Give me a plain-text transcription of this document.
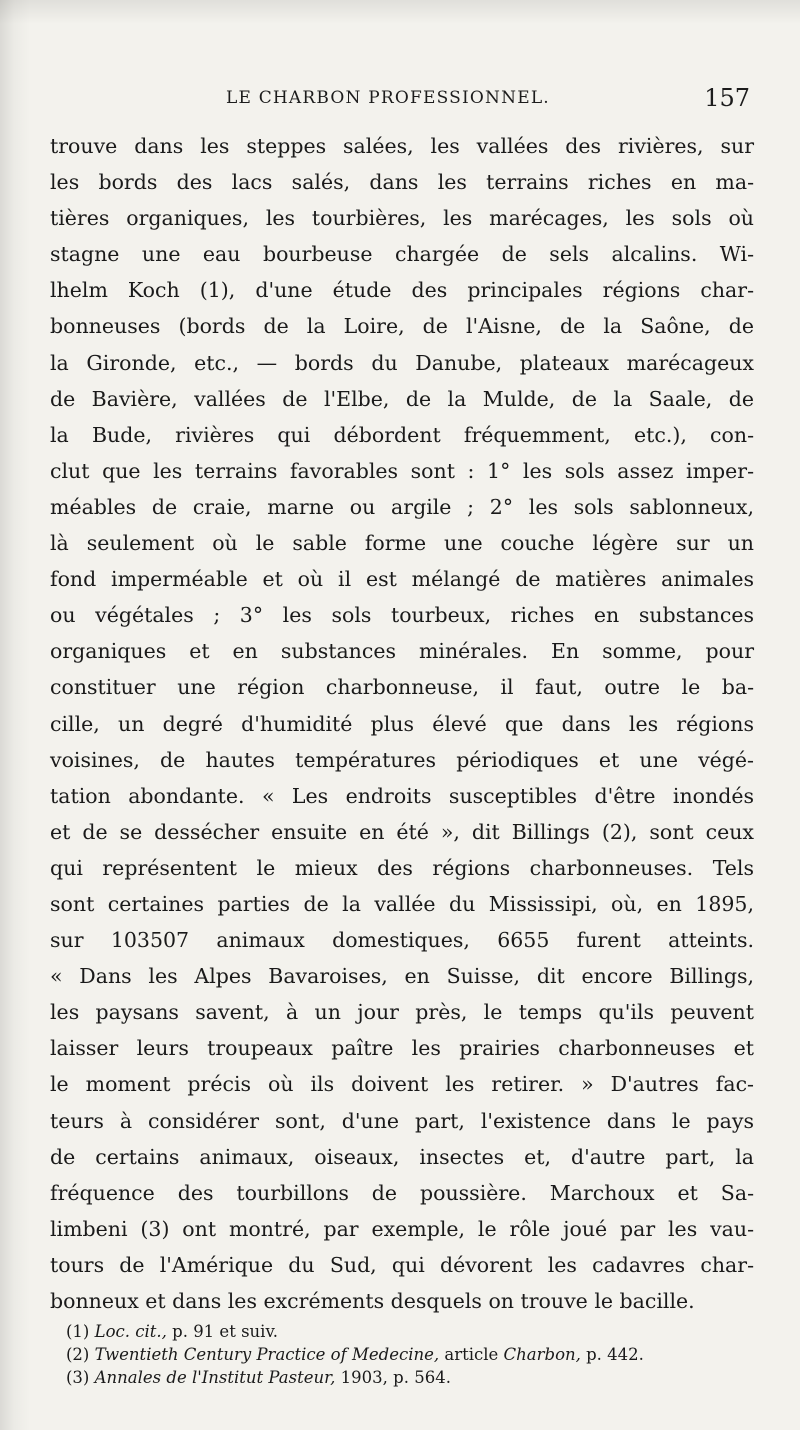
LE CHARBON PROFESSIONNEL.	157
trouve dans les steppes salées, les vallées des rivières, sur
les bords des lacs salés, dans les terrains riches en ma-
tières organiques, les tourbières, les marécages, les sols où
stagne une eau bourbeuse chargée de sels alcalins. Wi-
lhelm Koch (1), d'une étude des principales régions char-
bonneuses (bords de la Loire, de l'Aisne, de la Saône, de
la Gironde, etc., — bords du Danube, plateaux marécageux
de Bavière, vallées de l'Elbe, de la Mulde, de la Saale, de
la Bude, rivières qui débordent fréquemment, etc.), con-
clut que les terrains favorables sont : 1° les sols assez imper-
méables de craie, marne ou argile ; 2° les sols sablonneux,
là seulement où le sable forme une couche légère sur un
fond imperméable et où il est mélangé de matières animales
ou végétales ; 3° les sols tourbeux, riches en substances
organiques et en substances minérales. En somme, pour
constituer une région charbonneuse, il faut, outre le ba-
cille, un degré d'humidité plus élevé que dans les régions
voisines, de hautes températures périodiques et une végé-
tation abondante. « Les endroits susceptibles d'être inondés
et de se dessécher ensuite en été », dit Billings (2), sont ceux
qui représentent le mieux des régions charbonneuses. Tels
sont certaines parties de la vallée du Mississipi, où, en 1895,
sur 103507 animaux domestiques, 6655 furent atteints.
« Dans les Alpes Bavaroises, en Suisse, dit encore Billings,
les paysans savent, à un jour près, le temps qu'ils peuvent
laisser leurs troupeaux paître les prairies charbonneuses et
le moment précis où ils doivent les retirer. » D'autres fac-
teurs à considérer sont, d'une part, l'existence dans le pays
de certains animaux, oiseaux, insectes et, d'autre part, la
fréquence des tourbillons de poussière. Marchoux et Sa-
limbeni (3) ont montré, par exemple, le rôle joué par les vau-
tours de l'Amérique du Sud, qui dévorent les cadavres char-
bonneux et dans les excréments desquels on trouve le bacille.
(1) Loc. cit., p. 91 et suiv.
(2) Twentieth Century Practice of Medecine, article Charbon, p. 442.
(3) Annales de l'Institut Pasteur, 1903, p. 564.
